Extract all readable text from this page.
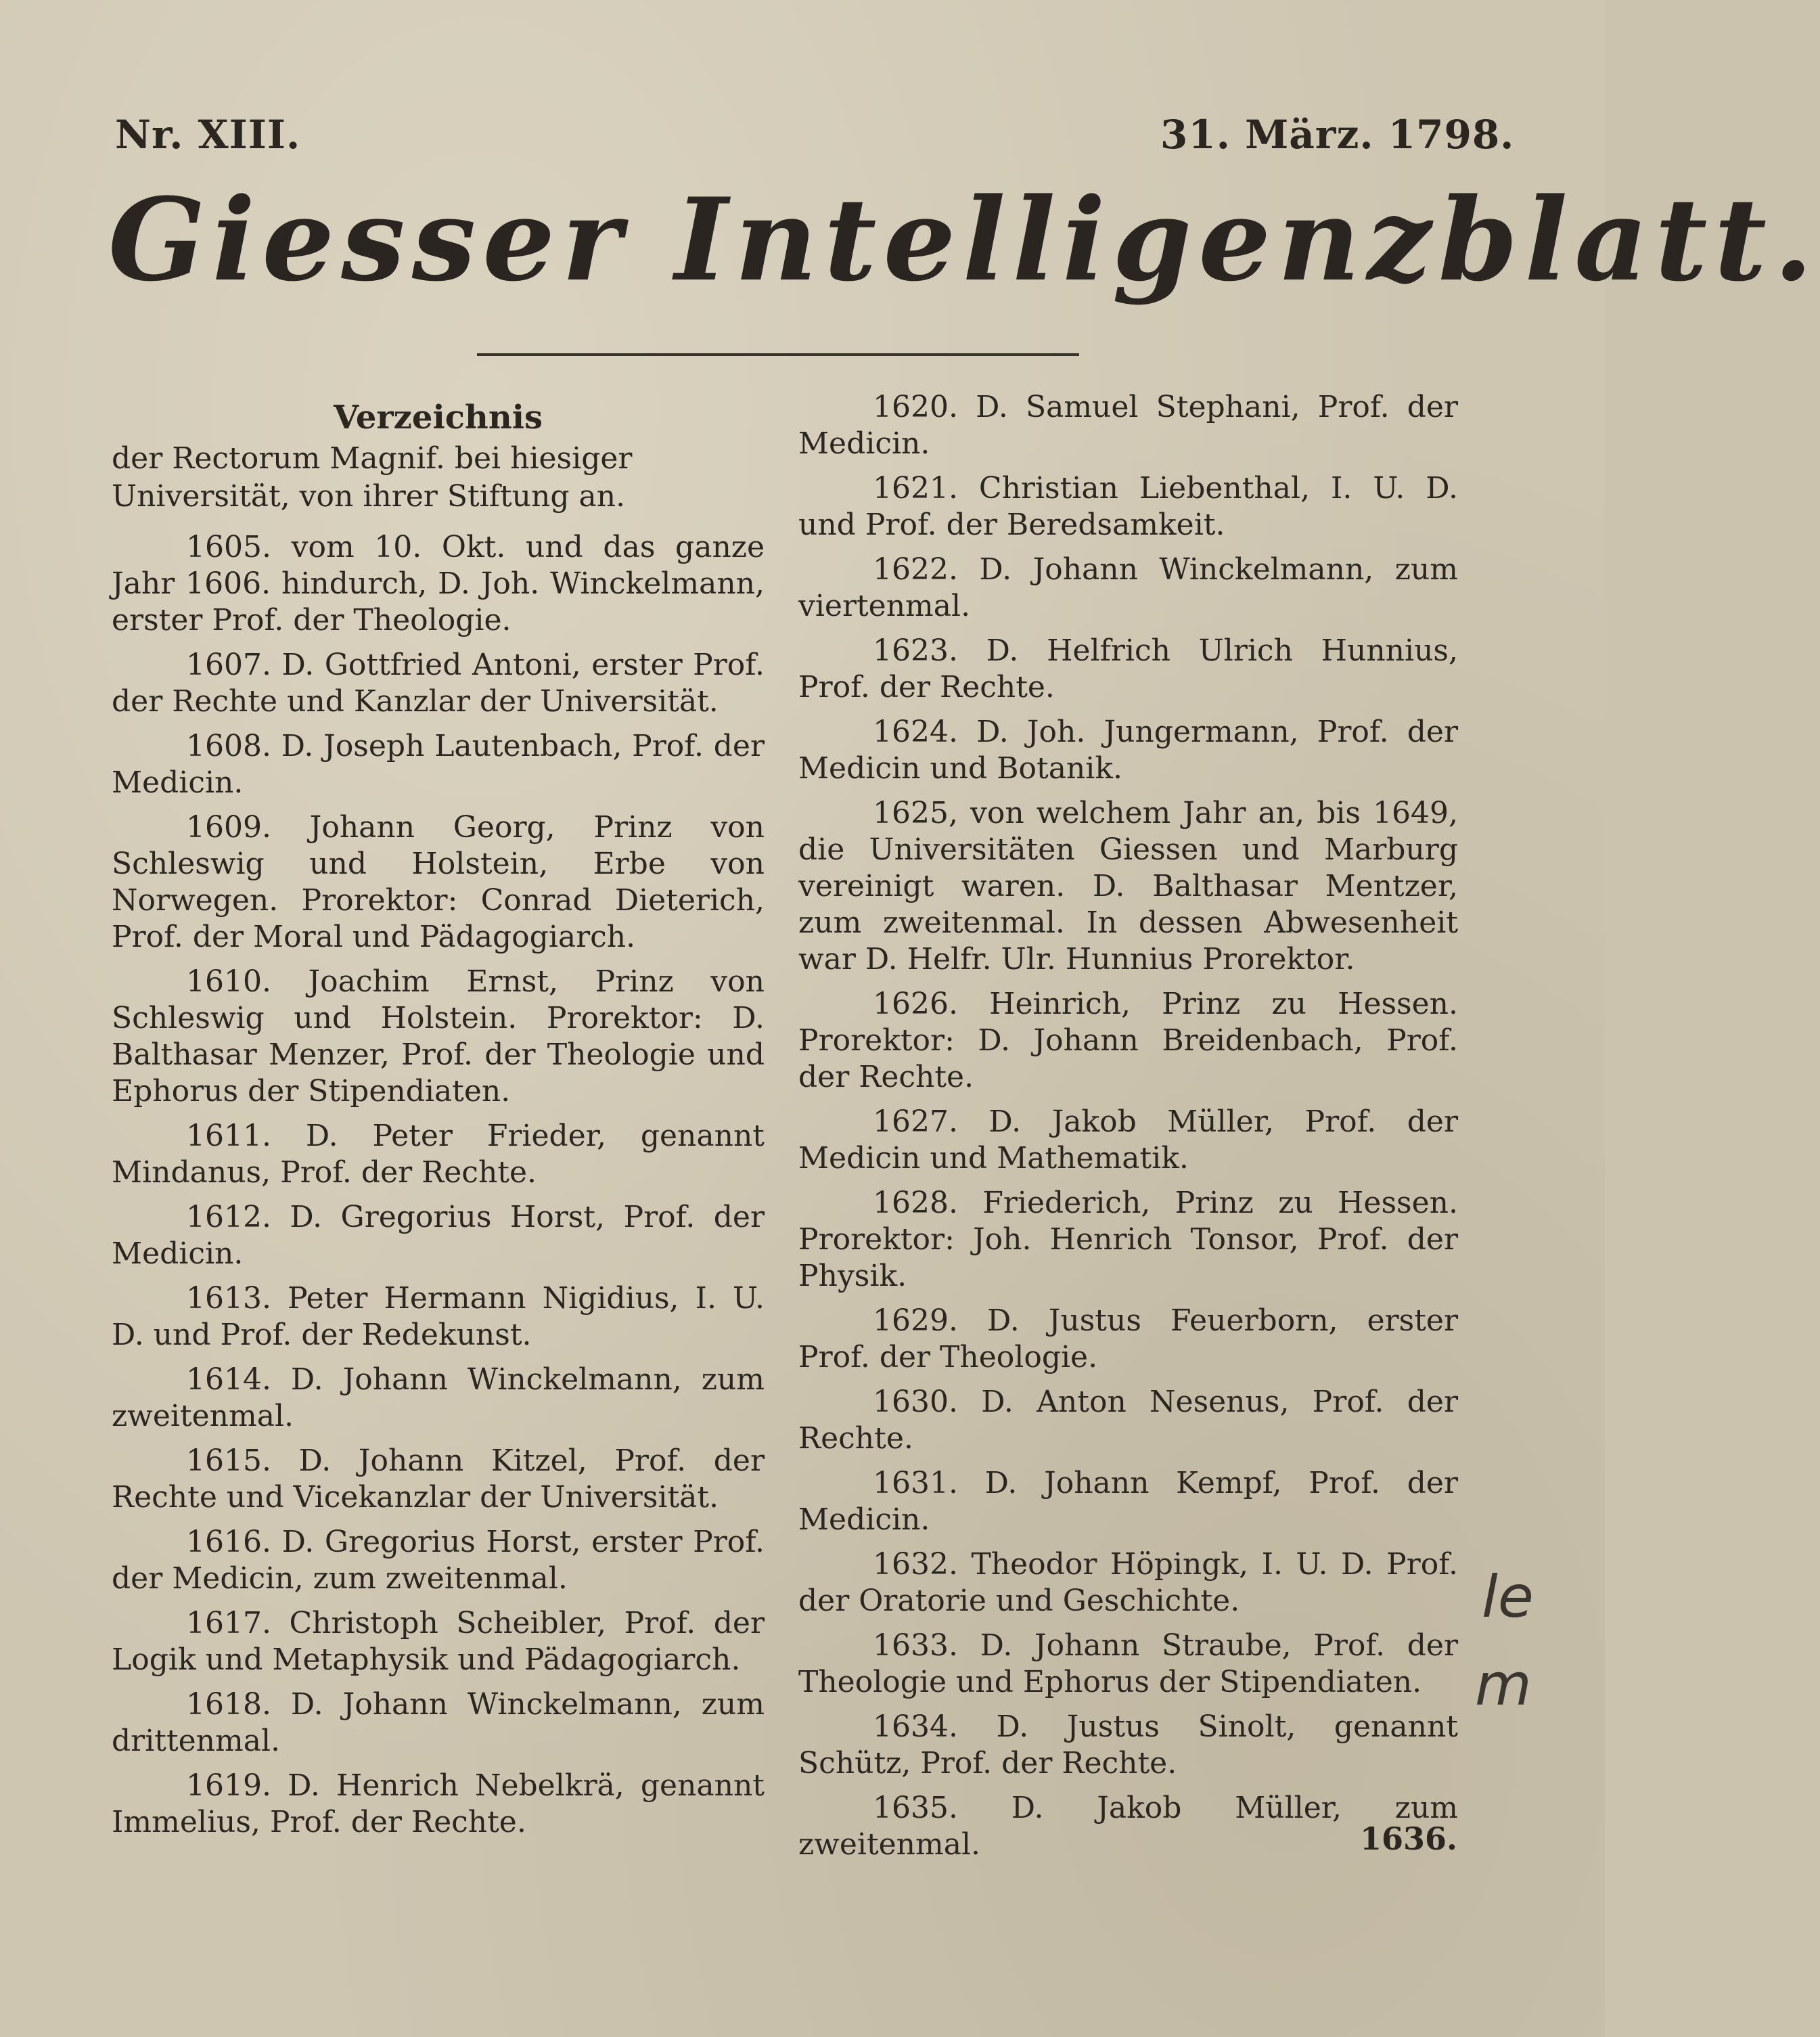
Nr. XIII.	31. März. 1798.
Giesser Intelligenzblatt.
Verzeichnis
der Rectorum Magnif. bei hiesiger Universität, von ihrer Stiftung an.

1605. vom 10. Okt. und das ganze Jahr 1606. hindurch, D. Joh. Winckelmann, erster Prof. der Theologie.

1607. D. Gottfried Antoni, erster Prof. der Rechte und Kanzlar der Universität.

1608. D. Joseph Lautenbach, Prof. der Medicin.

1609. Johann Georg, Prinz von Schleswig und Holstein, Erbe von Norwegen. Prorektor: Conrad Dieterich, Prof. der Moral und Pädagogiarch.

1610. Joachim Ernst, Prinz von Schleswig und Holstein. Prorektor: D. Balthasar Menzer, Prof. der Theologie und Ephorus der Stipendiaten.

1611. D. Peter Frieder, genannt Mindanus, Prof. der Rechte.

1612. D. Gregorius Horst, Prof. der Medicin.

1613. Peter Hermann Nigidius, I. U. D. und Prof. der Redekunst.

1614. D. Johann Winckelmann, zum zweitenmal.

1615. D. Johann Kitzel, Prof. der Rechte und Vicekanzlar der Universität.

1616. D. Gregorius Horst, erster Prof. der Medicin, zum zweitenmal.

1617. Christoph Scheibler, Prof. der Logik und Metaphysik und Pädagogiarch.

1618. D. Johann Winckelmann, zum drittenmal.

1619. D. Henrich Nebelkrä, genannt Immelius, Prof. der Rechte.

1620. D. Samuel Stephani, Prof. der Medicin.

1621. Christian Liebenthal, I. U. D. und Prof. der Beredsamkeit.

1622. D. Johann Winckelmann, zum viertenmal.

1623. D. Helfrich Ulrich Hunnius, Prof. der Rechte.

1624. D. Joh. Jungermann, Prof. der Medicin und Botanik.

1625, von welchem Jahr an, bis 1649, die Universitäten Giessen und Marburg vereinigt waren. D. Balthasar Mentzer, zum zweitenmal. In dessen Abwesenheit war D. Helfr. Ulr. Hunnius Prorektor.

1626. Heinrich, Prinz zu Hessen. Prorektor: D. Johann Breidenbach, Prof. der Rechte.

1627. D. Jakob Müller, Prof. der Medicin und Mathematik.

1628. Friederich, Prinz zu Hessen. Prorektor: Joh. Henrich Tonsor, Prof. der Physik.

1629. D. Justus Feuerborn, erster Prof. der Theologie.

1630. D. Anton Nesenus, Prof. der Rechte.

1631. D. Johann Kempf, Prof. der Medicin.

1632. Theodor Höpingk, I. U. D. Prof. der Oratorie und Geschichte.

1633. D. Johann Straube, Prof. der Theologie und Ephorus der Stipendiaten.

1634. D. Justus Sinolt, genannt Schütz, Prof. der Rechte.

1635. D. Jakob Müller, zum zweitenmal.	1636.
le
m
